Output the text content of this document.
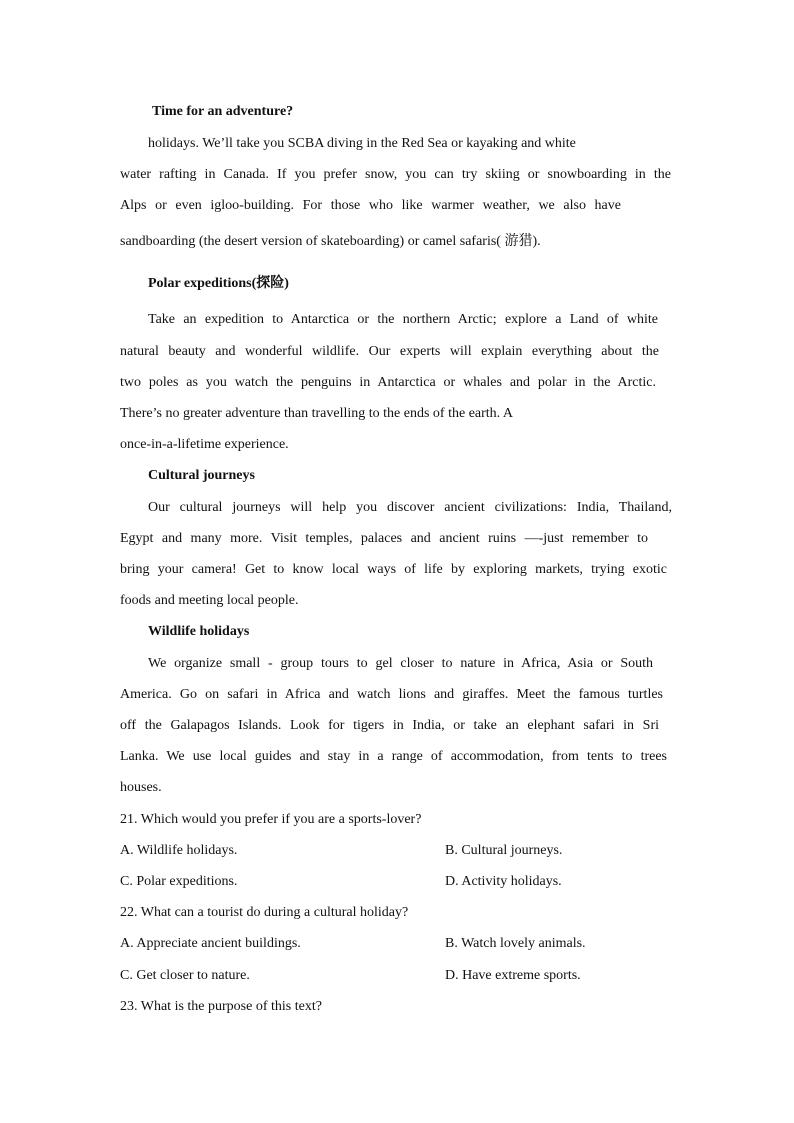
Time for an adventure?
holidays. We’ll take you SCBA diving in the Red Sea or kayaking and white
water rafting in Canada. If you prefer snow, you can try skiing or snowboarding in the
Alps or even igloo-building. For those who like warmer weather, we also have
sandboarding (the desert version of skateboarding) or camel safaris( 游猎).
Polar expeditions(探险)
Take an expedition to Antarctica or the northern Arctic; explore a Land of white
natural beauty and wonderful wildlife. Our experts will explain everything about the
two poles as you watch the penguins in Antarctica or whales and polar in the Arctic.
There’s no greater adventure than travelling to the ends of the earth. A
once-in-a-lifetime experience.
Cultural journeys
Our cultural journeys will help you discover ancient civilizations: India, Thailand,
Egypt and many more. Visit temples, palaces and ancient ruins —-just remember to
bring your camera! Get to know local ways of life by exploring markets, trying exotic
foods and meeting local people.
Wildlife holidays
We organize small - group tours to gel closer to nature in Africa, Asia or South
America. Go on safari in Africa and watch lions and giraffes. Meet the famous turtles
off the Galapagos Islands. Look for tigers in India, or take an elephant safari in Sri
Lanka. We use local guides and stay in a range of accommodation, from tents to trees
houses.
21. Which would you prefer if you are a sports-lover?
A. Wildlife holidays.	B. Cultural journeys.
C. Polar expeditions.	D. Activity holidays.
22. What can a tourist do during a cultural holiday?
A. Appreciate ancient buildings.	B. Watch lovely animals.
C. Get closer to nature.	D. Have extreme sports.
23. What is the purpose of this text?
